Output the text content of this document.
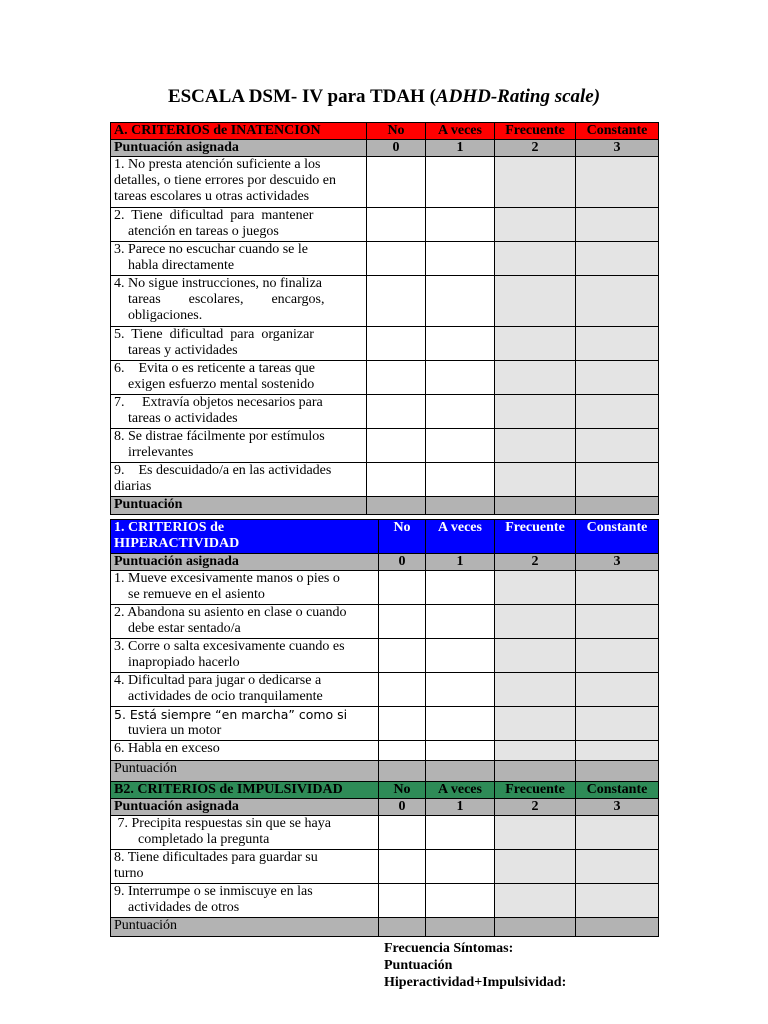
ESCALA DSM- IV para TDAH (ADHD-Rating scale)
A. CRITERIOS de INATENCION	No	A veces	Frecuente	Constante
Puntuación asignada	0	1	2	3

1. No presta atención suficiente a los
detalles, o tiene errores por descuido en
tareas escolares u otras actividades				

2.  Tiene  dificultad  para  mantener
atención en tareas o juegos				

3. Parece no escuchar cuando se le
habla directamente				

4. No sigue instrucciones, no finaliza
tareas        escolares,        encargos,obligaciones.				

5.  Tiene  dificultad  para  organizar
tareas y actividades				

6.    Evita o es reticente a tareas que
exigen esfuerzo mental sostenido				

7.     Extravía objetos necesarios para
tareas o actividades				

8. Se distrae fácilmente por estímulos
irrelevantes				

9.    Es descuidado/a en las actividades
diarias				

Puntuación				
1. CRITERIOS de
HIPERACTIVIDAD	No	A veces	Frecuente	Constante
Puntuación asignada	0	1	2	3

1. Mueve excesivamente manos o pies o
se remueve en el asiento				

2. Abandona su asiento en clase o cuando
debe estar sentado/a				

3. Corre o salta excesivamente cuando es
inapropiado hacerlo				

4. Dificultad para jugar o dedicarse a
actividades de ocio tranquilamente				

5. Está siempre “en marcha” como si
tuviera un motor				

6. Habla en exceso				

Puntuación				
B2. CRITERIOS de IMPULSIVIDAD	No	A veces	Frecuente	Constante
Puntuación asignada	0	1	2	3

7. Precipita respuestas sin que se haya
completado la pregunta				

8. Tiene dificultades para guardar su
turno				

9. Interrumpe o se inmiscuye en las
actividades de otros				
Puntuación				
Frecuencia Síntomas:
Puntuación
Hiperactividad+Impulsividad:
